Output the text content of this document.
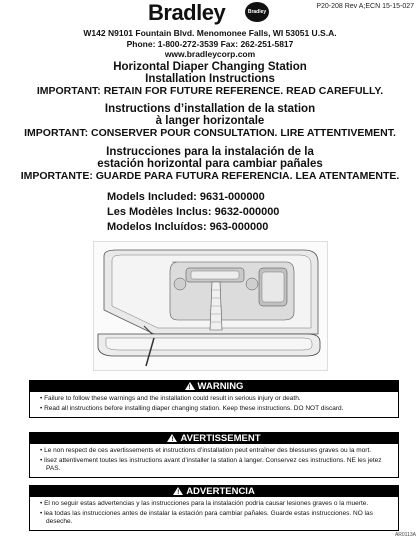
P20-208 Rev A;ECN 15-15-027
Bradley	Bradley
W142 N9101 Fountain Blvd. Menomonee Falls, WI 53051 U.S.A.
Phone: 1-800-272-3539 Fax: 262-251-5817
www.bradleycorp.com
Horizontal Diaper Changing Station
Installation Instructions
IMPORTANT: RETAIN FOR FUTURE REFERENCE. READ CAREFULLY.
Instructions d’installation de la station
à langer horizontale
IMPORTANT: CONSERVER POUR CONSULTATION. LIRE ATTENTIVEMENT.
Instrucciones para la instalación de la
estación horizontal para cambiar pañales
IMPORTANTE: GUARDE PARA FUTURA REFERENCIA. LEA ATENTAMENTE.
Models Included: 9631-000000
Les Modèles Inclus: 9632-000000
Modelos Incluídos: 963-000000
!WARNING
• Failure to follow these warnings and the installation could result in serious injury or death.
• Read all instructions before installing diaper changing station. Keep these instructions. DO NOT discard.
!AVERTISSEMENT
• Le non respect de ces avertissements et instructions d’installation peut entraîner des blessures graves ou la mort.
• lisez attentivement toutes les instructions avant d’installer la station à langer. Conservez ces instructions. NE les jetez PAS.
!ADVERTENCIA
• El no seguir estas advertencias y las instrucciones para la instalación podría causar lesiones graves o la muerte.
• lea todas las instrucciones antes de instalar la estación para cambiar pañales. Guarde estas instrucciones. NO las deseche.
AR0113A
